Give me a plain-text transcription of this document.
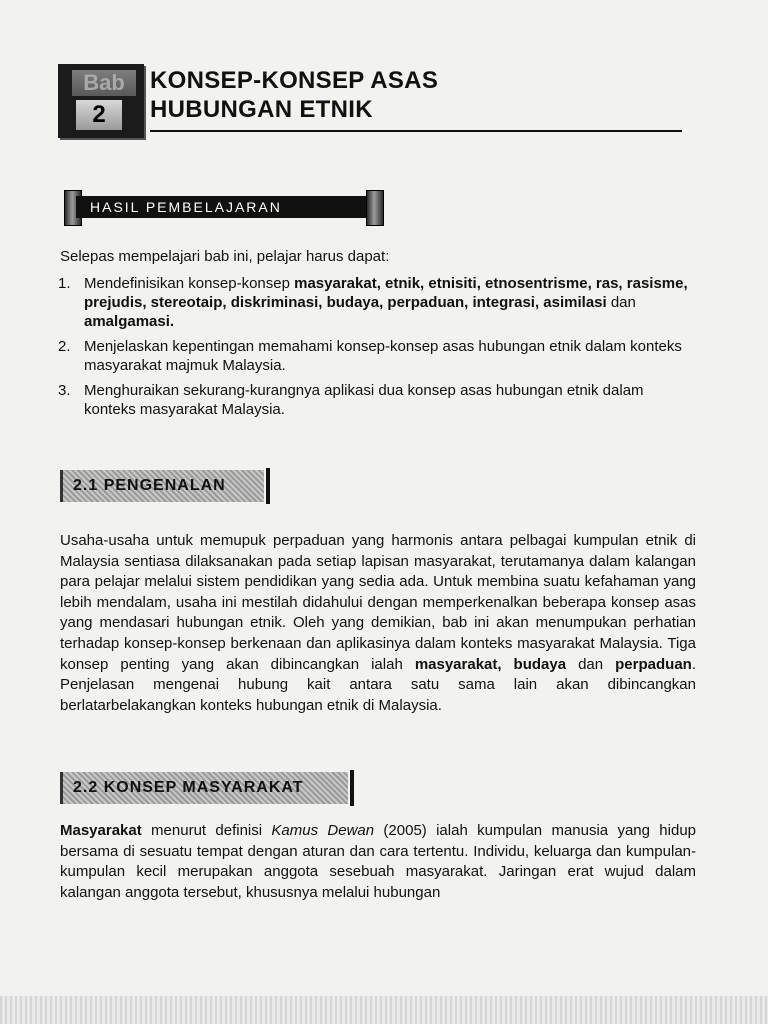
Bab
2
KONSEP-KONSEP ASAS
HUBUNGAN ETNIK
HASIL PEMBELAJARAN
Selepas mempelajari bab ini, pelajar harus dapat:
1. Mendefinisikan konsep-konsep masyarakat, etnik, etnisiti, etnosentrisme, ras, rasisme, prejudis, stereotaip, diskriminasi, budaya, perpaduan, integrasi, asimilasi dan amalgamasi.
2. Menjelaskan kepentingan memahami konsep-konsep asas hubungan etnik dalam konteks masyarakat majmuk Malaysia.
3. Menghuraikan sekurang-kurangnya aplikasi dua konsep asas hubungan etnik dalam konteks masyarakat Malaysia.
2.1 PENGENALAN

Usaha-usaha untuk memupuk perpaduan yang harmonis antara pelbagai kumpulan etnik di Malaysia sentiasa dilaksanakan pada setiap lapisan masyarakat, terutamanya dalam kalangan para pelajar melalui sistem pendidikan yang sedia ada. Untuk membina suatu kefahaman yang lebih mendalam, usaha ini mestilah didahului dengan memperkenalkan beberapa konsep asas yang mendasari hubungan etnik. Oleh yang demikian, bab ini akan menumpukan perhatian terhadap konsep-konsep berkenaan dan aplikasinya dalam konteks masyarakat Malaysia. Tiga konsep penting yang akan dibincangkan ialah masyarakat, budaya dan perpaduan. Penjelasan mengenai hubung kait antara satu sama lain akan dibincangkan berlatarbelakangkan konteks hubungan etnik di Malaysia.

2.2 KONSEP MASYARAKAT

Masyarakat menurut definisi Kamus Dewan (2005) ialah kumpulan manusia yang hidup bersama di sesuatu tempat dengan aturan dan cara tertentu. Individu, keluarga dan kumpulan-kumpulan kecil merupakan anggota sesebuah masyarakat. Jaringan erat wujud dalam kalangan anggota tersebut, khususnya melalui hubungan
